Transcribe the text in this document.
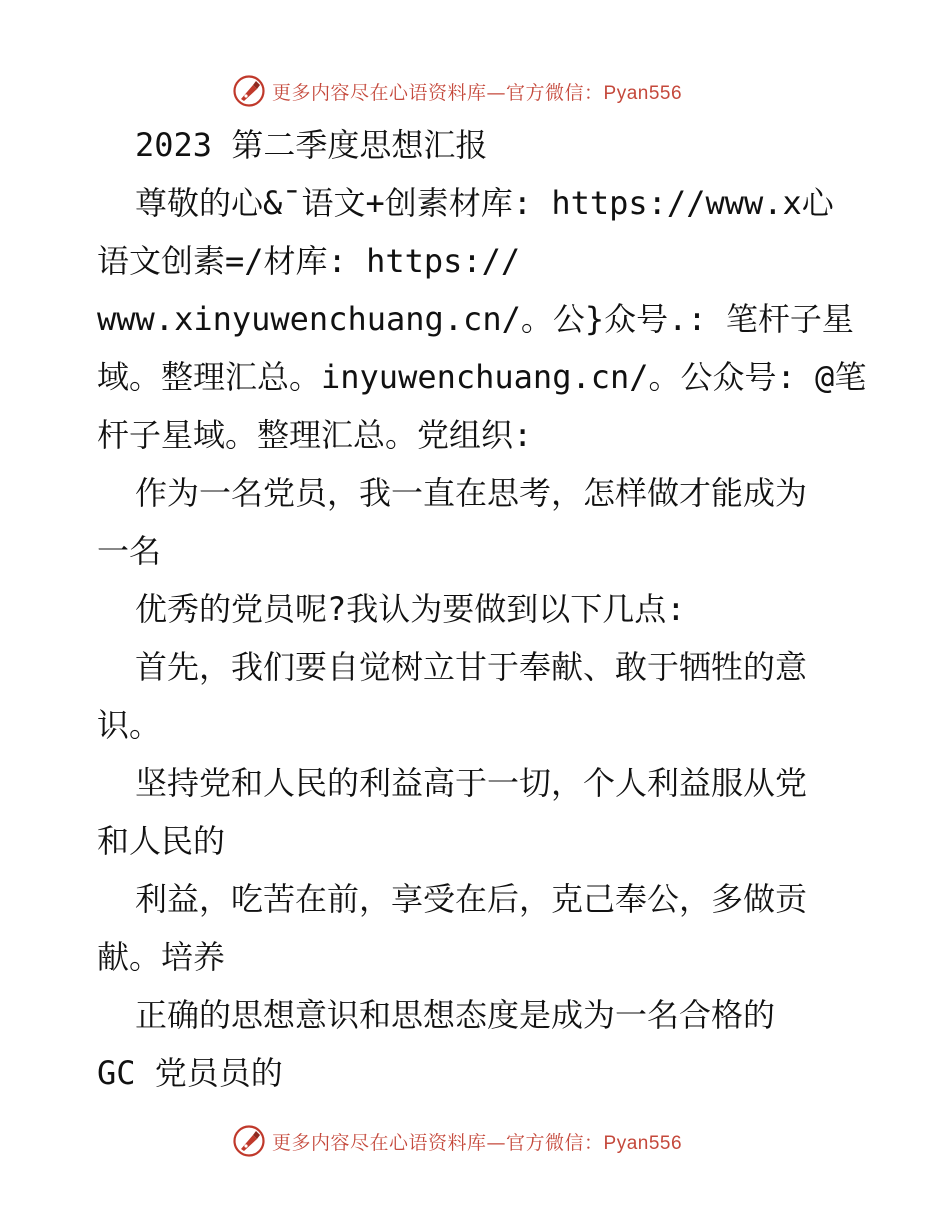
更多内容尽在心语资料库—官方微信：Pyan556
2023 第二季度思想汇报
尊敬的心&¯语文+创素材库: https://www.x心
语文创素=/材库: https://
www.xinyuwenchuang.cn/。公}众号.: 笔杆子星
域。整理汇总。inyuwenchuang.cn/。公众号: @笔
杆子星域。整理汇总。党组织:
作为一名党员，我一直在思考，怎样做才能成为
一名
优秀的党员呢?我认为要做到以下几点:
首先，我们要自觉树立甘于奉献、敢于牺牲的意
识。
坚持党和人民的利益高于一切，个人利益服从党
和人民的
利益，吃苦在前，享受在后，克己奉公，多做贡
献。培养
正确的思想意识和思想态度是成为一名合格的
GC 党员员的
更多内容尽在心语资料库—官方微信：Pyan556
